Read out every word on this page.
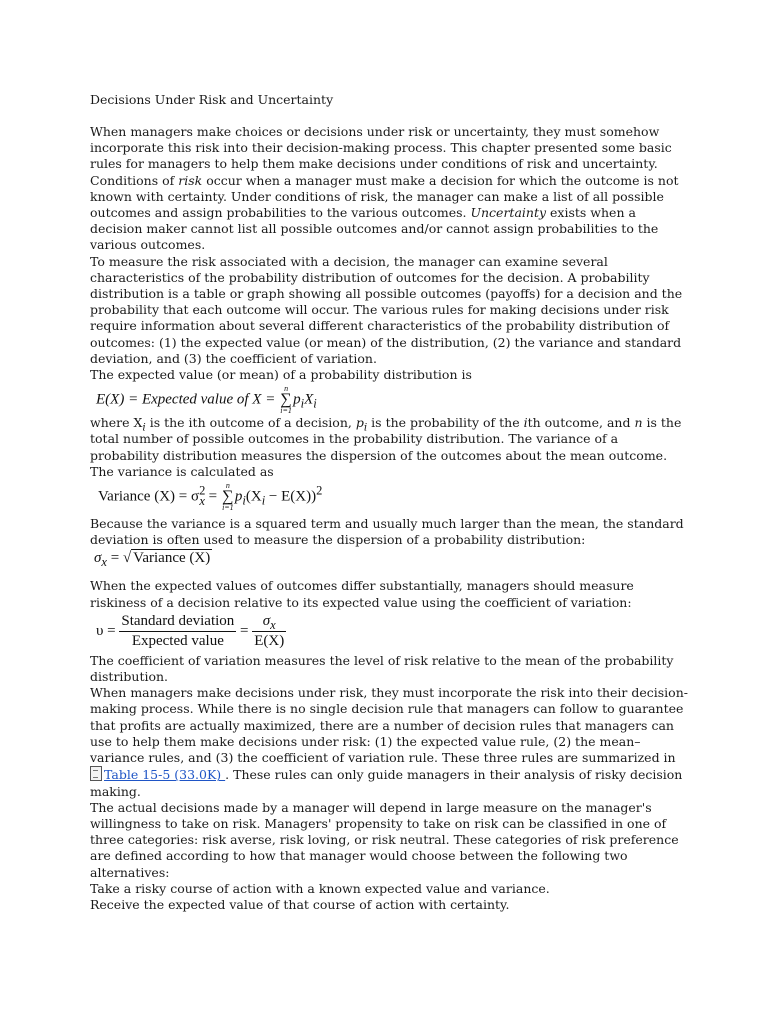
Decisions Under Risk and Uncertainty

When managers make choices or decisions under risk or uncertainty, they must somehow incorporate this risk into their decision-making process. This chapter presented some basic rules for managers to help them make decisions under conditions of risk and uncertainty. Conditions of risk occur when a manager must make a decision for which the outcome is not known with certainty. Under conditions of risk, the manager can make a list of all possible outcomes and assign probabilities to the various outcomes. Uncertainty exists when a decision maker cannot list all possible outcomes and/or cannot assign probabilities to the various outcomes.

To measure the risk associated with a decision, the manager can examine several characteristics of the probability distribution of outcomes for the decision. A probability distribution is a table or graph showing all possible outcomes (payoffs) for a decision and the probability that each outcome will occur. The various rules for making decisions under risk require information about several different characteristics of the probability distribution of outcomes: (1) the expected value (or mean) of the distribution, (2) the variance and standard deviation, and (3) the coefficient of variation.

The expected value (or mean) of a probability distribution is

E(X) = Expected value of X =
n
∑
i=1
$p_iX_i$

where $X_i$ is the ith outcome of a decision, $p_i$ is the probability of the ith outcome, and n is the total number of possible outcomes in the probability distribution. The variance of a probability distribution measures the dispersion of the outcomes about the mean outcome. The variance is calculated as

Variance $(X) = \sigma^2_x$ =
n
∑
i=1
$p_i(X_i - E(X))^2$

Because the variance is a squared term and usually much larger than the mean, the standard deviation is often used to measure the dispersion of a probability distribution:

$\sigma_x$ = √ Variance (X)

When the expected values of outcomes differ substantially, managers should measure riskiness of a decision relative to its expected value using the coefficient of variation:

$\upsilon = \frac{\text{Standard deviation}}{\text{Expected value}} = \frac{\sigma_x}{E(X)}$

The coefficient of variation measures the level of risk relative to the mean of the probability distribution.

When managers make decisions under risk, they must incorporate the risk into their decision-making process. While there is no single decision rule that managers can follow to guarantee that profits are actually maximized, there are a number of decision rules that managers can use to help them make decisions under risk: (1) the expected value rule, (2) the mean–variance rules, and (3) the coefficient of variation rule. These three rules are summarized in Table 15-5 (33.0K) . These rules can only guide managers in their analysis of risky decision making.

The actual decisions made by a manager will depend in large measure on the manager's willingness to take on risk. Managers' propensity to take on risk can be classified in one of three categories: risk averse, risk loving, or risk neutral. These categories of risk preference are defined according to how that manager would choose between the following two alternatives:

Take a risky course of action with a known expected value and variance.

Receive the expected value of that course of action with certainty.
